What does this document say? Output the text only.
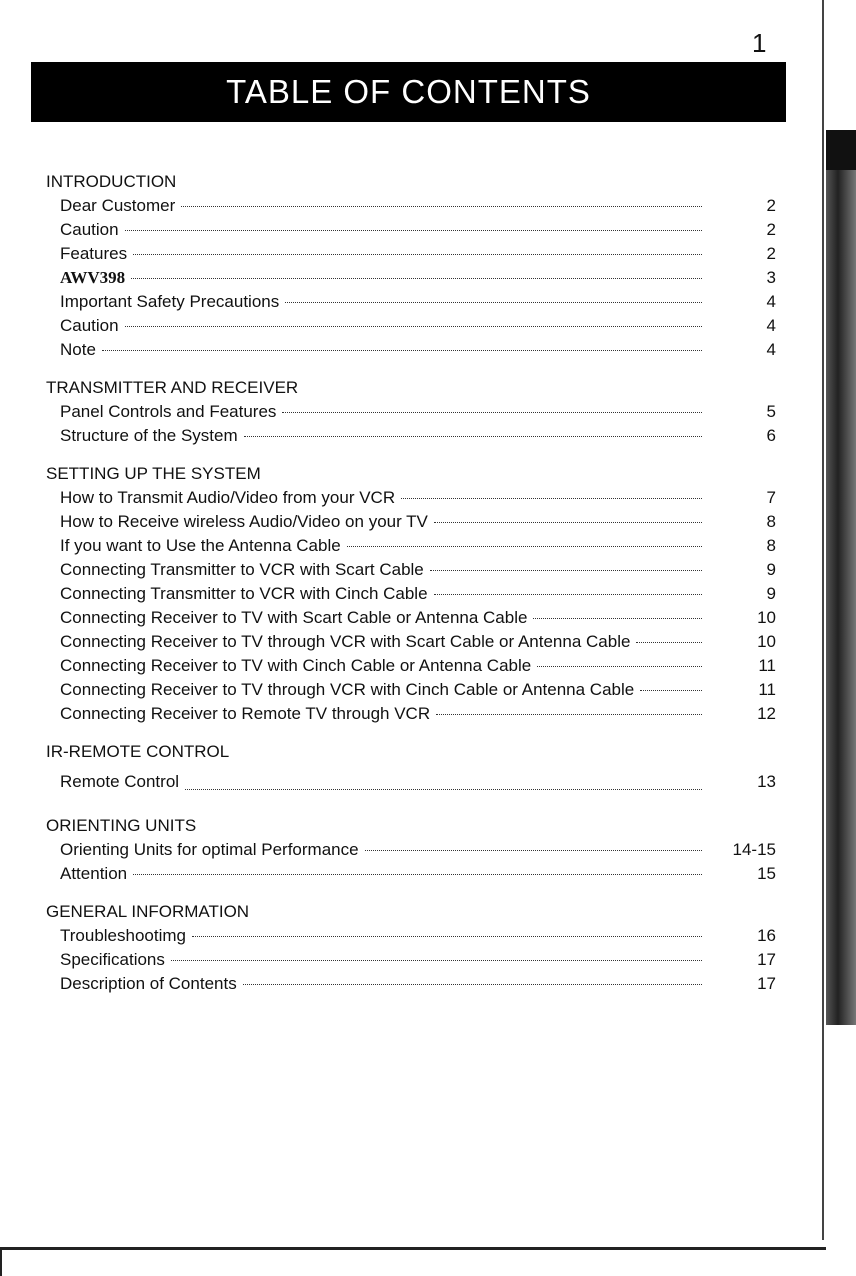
1
TABLE OF CONTENTS
INTRODUCTION
Dear Customer	2
Caution	2
Features	2
AWV398	3
Important Safety Precautions	4
Caution	4
Note	4
TRANSMITTER AND RECEIVER
Panel Controls and Features	5
Structure of the System	6
SETTING UP THE SYSTEM
How to Transmit Audio/Video from your VCR	7
How to Receive wireless Audio/Video on your TV	8
If you want to Use the Antenna Cable	8
Connecting Transmitter to VCR with Scart Cable	9
Connecting Transmitter to VCR with Cinch Cable	9
Connecting Receiver to TV with Scart Cable or Antenna Cable	10
Connecting Receiver to TV through VCR with Scart Cable or Antenna Cable	10
Connecting Receiver to TV with Cinch Cable or Antenna Cable	11
Connecting Receiver to TV through VCR with Cinch Cable or Antenna Cable	11
Connecting Receiver to Remote TV through VCR	12
IR-REMOTE CONTROL
Remote Control	13
ORIENTING UNITS
Orienting Units for optimal Performance	14-15
Attention	15
GENERAL INFORMATION
Troubleshootimg	16
Specifications	17
Description of Contents	17
